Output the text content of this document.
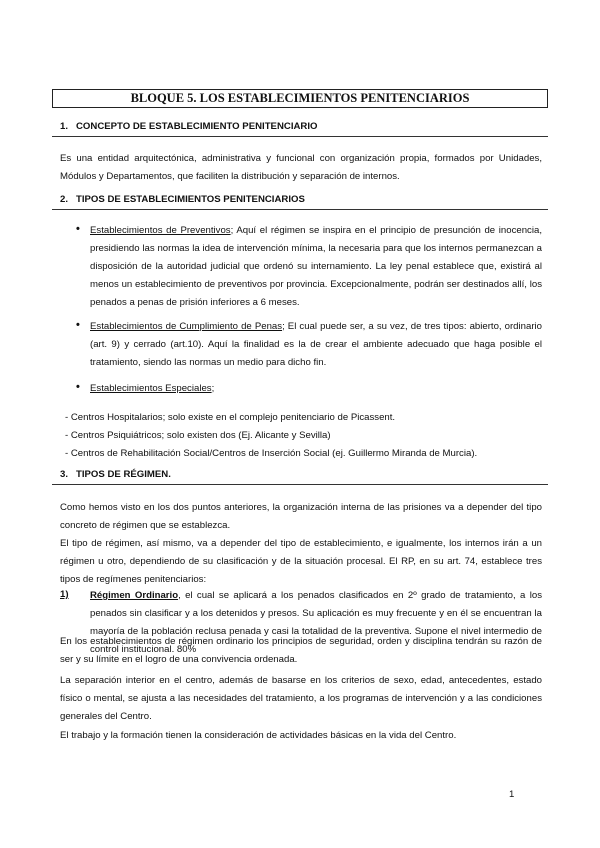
BLOQUE 5. LOS ESTABLECIMIENTOS PENITENCIARIOS
1. CONCEPTO DE ESTABLECIMIENTO PENITENCIARIO
Es una entidad arquitectónica, administrativa y funcional con organización propia, formados por Unidades, Módulos y Departamentos, que faciliten la distribución y separación de internos.
2. TIPOS DE ESTABLECIMIENTOS PENITENCIARIOS
• Establecimientos de Preventivos; Aquí el régimen se inspira en el principio de presunción de inocencia, presidiendo las normas la idea de intervención mínima, la necesaria para que los internos permanezcan a disposición de la autoridad judicial que ordenó su internamiento. La ley penal establece que, existirá al menos un establecimiento de preventivos por provincia. Excepcionalmente, podrán ser destinados allí, los penados a penas de prisión inferiores a 6 meses.
• Establecimientos de Cumplimiento de Penas; El cual puede ser, a su vez, de tres tipos: abierto, ordinario (art. 9) y cerrado (art.10). Aquí la finalidad es la de crear el ambiente adecuado que haga posible el tratamiento, siendo las normas un medio para dicho fin.
• Establecimientos Especiales;
- Centros Hospitalarios; solo existe en el complejo penitenciario de Picassent.
- Centros Psiquiátricos; solo existen dos (Ej. Alicante y Sevilla)
- Centros de Rehabilitación Social/Centros de Inserción Social (ej. Guillermo Miranda de Murcia).
3. TIPOS DE RÉGIMEN.
Como hemos visto en los dos puntos anteriores, la organización interna de las prisiones va a depender del tipo concreto de régimen que se establezca.
El tipo de régimen, así mismo, va a depender del tipo de establecimiento, e igualmente, los internos irán a un régimen u otro, dependiendo de su clasificación y de la situación procesal. El RP, en su art. 74, establece tres tipos de regímenes penitenciarios:
1) Régimen Ordinario, el cual se aplicará a los penados clasificados en 2º grado de tratamiento, a los penados sin clasificar y a los detenidos y presos. Su aplicación es muy frecuente y en él se encuentran la mayoría de la población reclusa penada y casi la totalidad de la preventiva. Supone el nivel intermedio de control institucional. 80%
En los establecimientos de régimen ordinario los principios de seguridad, orden y disciplina tendrán su razón de ser y su límite en el logro de una convivencia ordenada.
La separación interior en el centro, además de basarse en los criterios de sexo, edad, antecedentes, estado físico o mental, se ajusta a las necesidades del tratamiento, a los programas de intervención y a las condiciones generales del Centro.
El trabajo y la formación tienen la consideración de actividades básicas en la vida del Centro.
1
